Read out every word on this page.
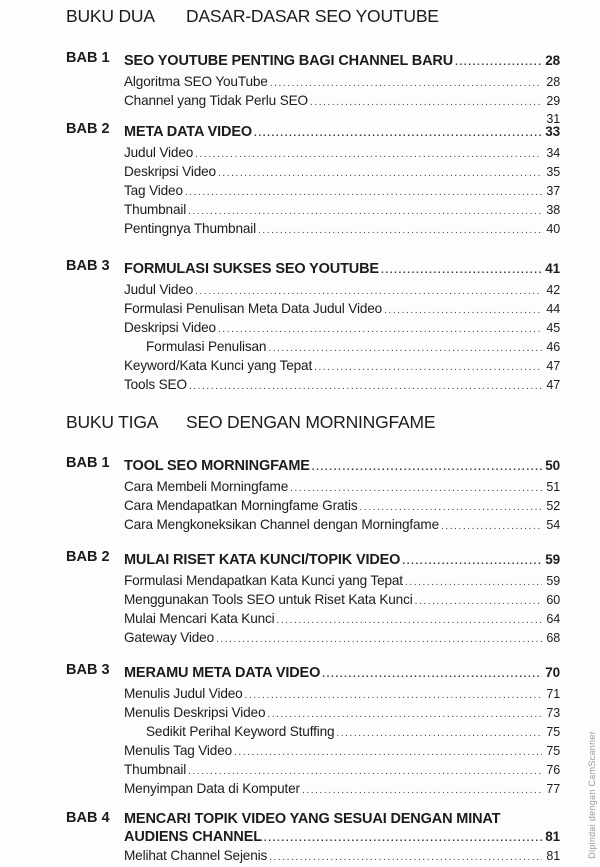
BUKU DUA DASAR-DASAR SEO YOUTUBE
BAB 1 SEO YOUTUBE PENTING BAGI CHANNEL BARU .....	28
Algoritma SEO YouTube .....	28
Channel yang Tidak Perlu SEO .....	29
31
BAB 2 META DATA VIDEO .....	33
Judul Video .....	34
Deskripsi Video .....	35
Tag Video .....	37
Thumbnail .....	38
Pentingnya Thumbnail .....	40
BAB 3 FORMULASI SUKSES SEO YOUTUBE .....	41
Judul Video .....	42
Formulasi Penulisan Meta Data Judul Video .....	44
Deskripsi Video .....	45
Formulasi Penulisan .....	46
Keyword/Kata Kunci yang Tepat .....	47
Tools SEO .....	47
BUKU TIGA SEO DENGAN MORNINGFAME
BAB 1 TOOL SEO MORNINGFAME .....	50
Cara Membeli Morningfame .....	51
Cara Mendapatkan Morningfame Gratis .....	52
Cara Mengkoneksikan Channel dengan Morningfame .....	54
BAB 2 MULAI RISET KATA KUNCI/TOPIK VIDEO .....	59
Formulasi Mendapatkan Kata Kunci yang Tepat .....	59
Menggunakan Tools SEO untuk Riset Kata Kunci .....	60
Mulai Mencari Kata Kunci .....	64
Gateway Video .....	68
BAB 3 MERAMU META DATA VIDEO .....	70
Menulis Judul Video .....	71
Menulis Deskripsi Video .....	73
Sedikit Perihal Keyword Stuffing .....	75
Menulis Tag Video .....	75
Thumbnail .....	76
Menyimpan Data di Komputer .....	77
BAB 4 MENCARI TOPIK VIDEO YANG SESUAI DENGAN MINAT
AUDIENS CHANNEL .....	81
Melihat Channel Sejenis .....	81	Dipindai dengan CamScanner
